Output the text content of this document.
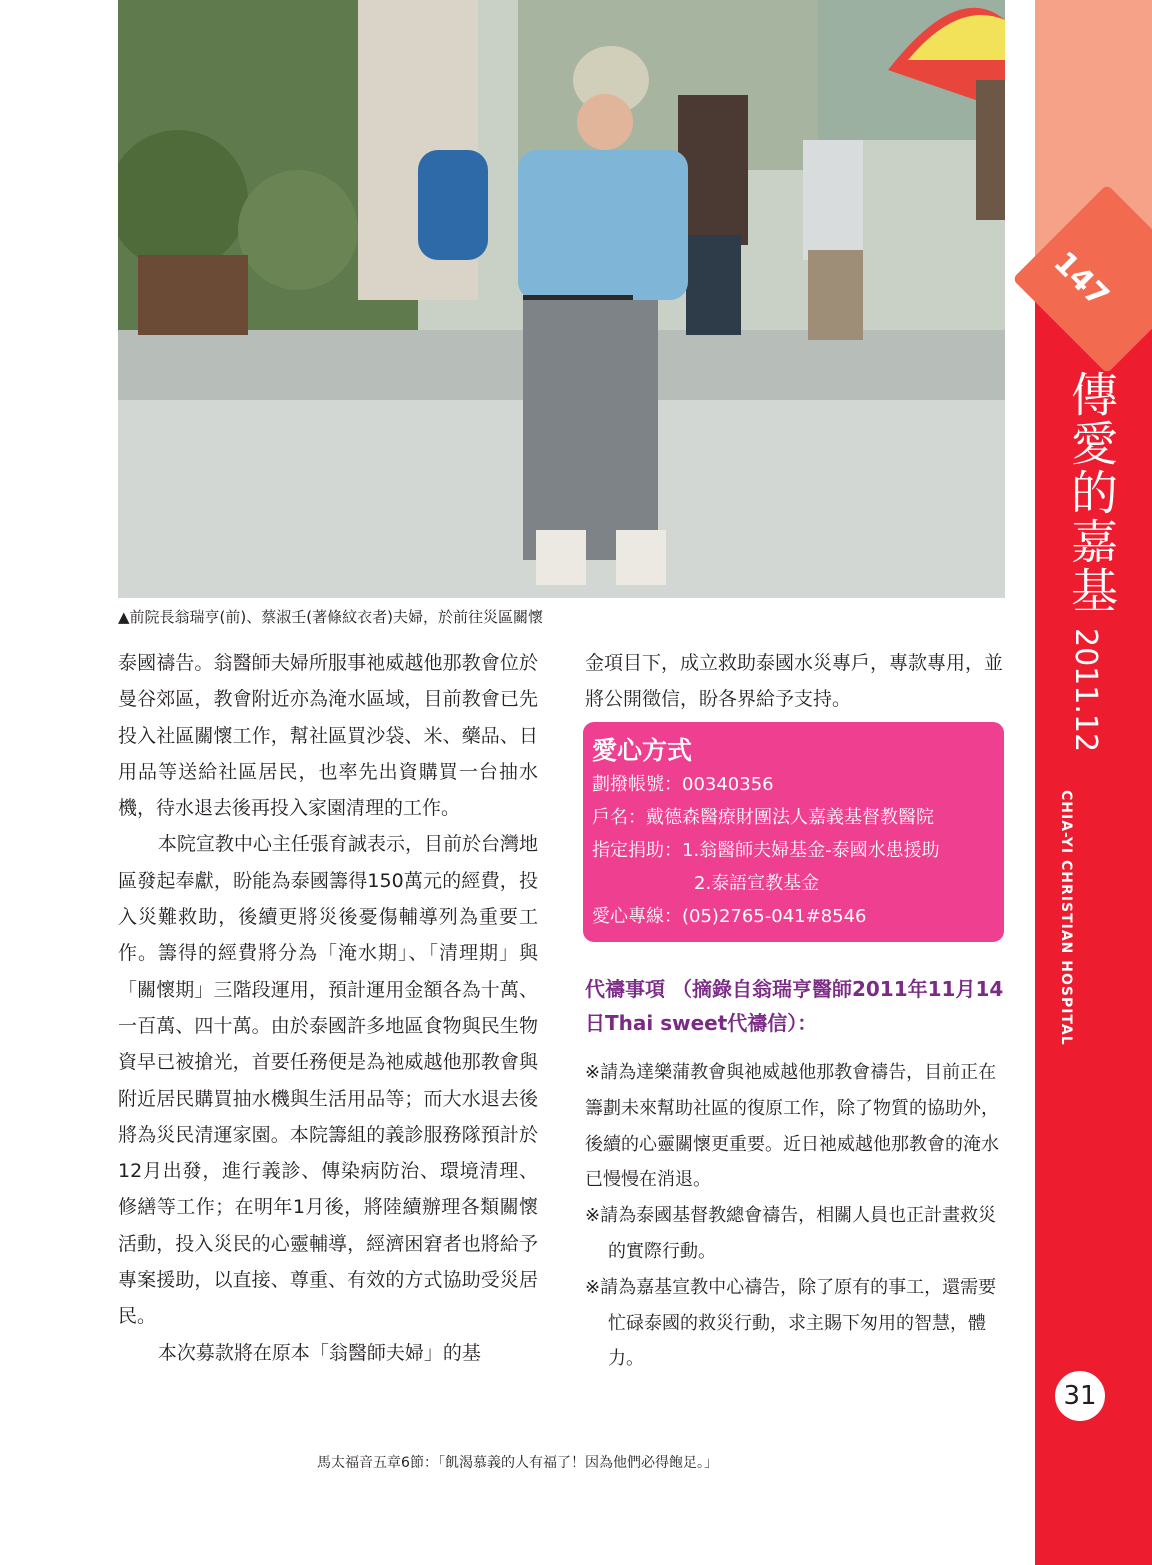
▲前院長翁瑞亨(前)、蔡淑壬(著條紋衣者)夫婦，於前往災區關懷

泰國禱告。翁醫師夫婦所服事祂威越他那教會位於曼谷郊區，教會附近亦為淹水區域，目前教會已先投入社區關懷工作，幫社區買沙袋、米、藥品、日用品等送給社區居民，也率先出資購買一台抽水機，待水退去後再投入家園清理的工作。

本院宣教中心主任張育誠表示，目前於台灣地區發起奉獻，盼能為泰國籌得150萬元的經費，投入災難救助，後續更將災後憂傷輔導列為重要工作。籌得的經費將分為「淹水期」、「清理期」與「關懷期」三階段運用，預計運用金額各為十萬、一百萬、四十萬。由於泰國許多地區食物與民生物資早已被搶光，首要任務便是為祂威越他那教會與附近居民購買抽水機與生活用品等；而大水退去後將為災民清運家園。本院籌組的義診服務隊預計於12月出發，進行義診、傳染病防治、環境清理、修繕等工作；在明年1月後，將陸續辦理各類關懷活動，投入災民的心靈輔導，經濟困窘者也將給予專案援助，以直接、尊重、有效的方式協助受災居民。

本次募款將在原本「翁醫師夫婦」的基

金項目下，成立救助泰國水災專戶，專款專用，並將公開徵信，盼各界給予支持。

愛心方式
劃撥帳號：00340356
戶名：戴德森醫療財團法人嘉義基督教醫院
指定捐助：1.翁醫師夫婦基金-泰國水患援助
2.泰語宣教基金
愛心專線：(05)2765-041#8546
代禱事項 （摘錄自翁瑞亨醫師2011年11月14日Thai sweet代禱信）：

※請為達樂蒲教會與祂威越他那教會禱告，目前正在籌劃未來幫助社區的復原工作，除了物質的協助外，後續的心靈關懷更重要。近日祂威越他那教會的淹水已慢慢在消退。

※請為泰國基督教總會禱告，相關人員也正計畫救災的實際行動。

※請為嘉基宣教中心禱告，除了原有的事工，還需要忙碌泰國的救災行動，求主賜下匆用的智慧，體力。

馬太福音五章6節：「飢渴慕義的人有福了！因為他們必得飽足。」
147
傳愛的嘉基
2011.12
CHIA-YI CHRISTIAN HOSPITAL
31
